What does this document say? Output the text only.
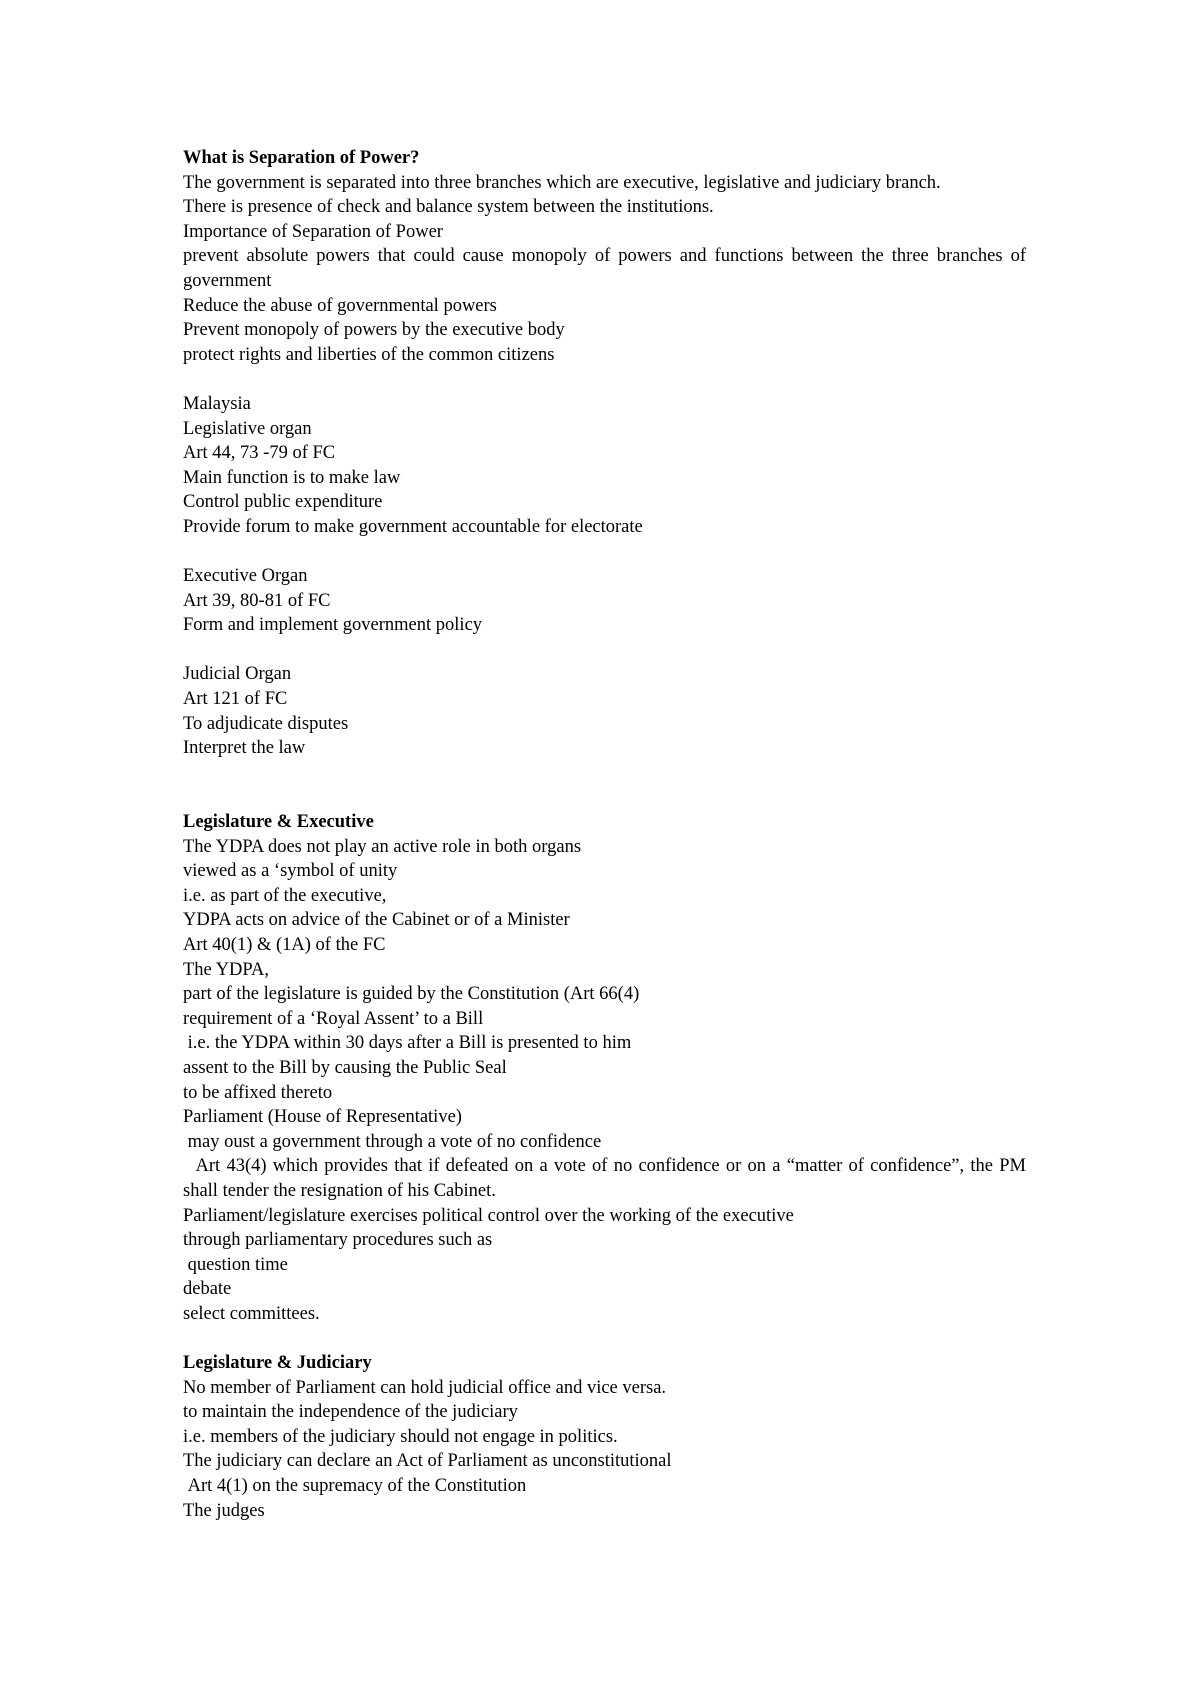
What is Separation of Power?

The government is separated into three branches which are executive, legislative and judiciary branch.

There is presence of check and balance system between the institutions.

Importance of Separation of Power

prevent absolute powers that could cause monopoly of powers and functions between the three branches of government

Reduce the abuse of governmental powers

Prevent monopoly of powers by the executive body

protect rights and liberties of the common citizens

Malaysia

Legislative organ

Art 44, 73 -79 of FC

Main function is to make law

Control public expenditure

Provide forum to make government accountable for electorate

Executive Organ

Art 39, 80-81 of FC

Form and implement government policy

Judicial Organ

Art 121 of FC

To adjudicate disputes

Interpret the law

Legislature & Executive

The YDPA does not play an active role in both organs

viewed as a ‘symbol of unity

i.e. as part of the executive,

YDPA acts on advice of the Cabinet or of a Minister

Art 40(1) & (1A) of the FC

The YDPA,

part of the legislature is guided by the Constitution (Art 66(4)

requirement of a ‘Royal Assent’ to a Bill

i.e. the YDPA within 30 days after a Bill is presented to him

assent to the Bill by causing the Public Seal

to be affixed thereto

Parliament (House of Representative)

may oust a government through a vote of no confidence

Art 43(4) which provides that if defeated on a vote of no confidence or on a “matter of confidence”, the PM shall tender the resignation of his Cabinet.

Parliament/legislature exercises political control over the working of the executive

through parliamentary procedures such as

question time

debate

select committees.

Legislature & Judiciary

No member of Parliament can hold judicial office and vice versa.

to maintain the independence of the judiciary

i.e. members of the judiciary should not engage in politics.

The judiciary can declare an Act of Parliament as unconstitutional

Art 4(1) on the supremacy of the Constitution

The judges
